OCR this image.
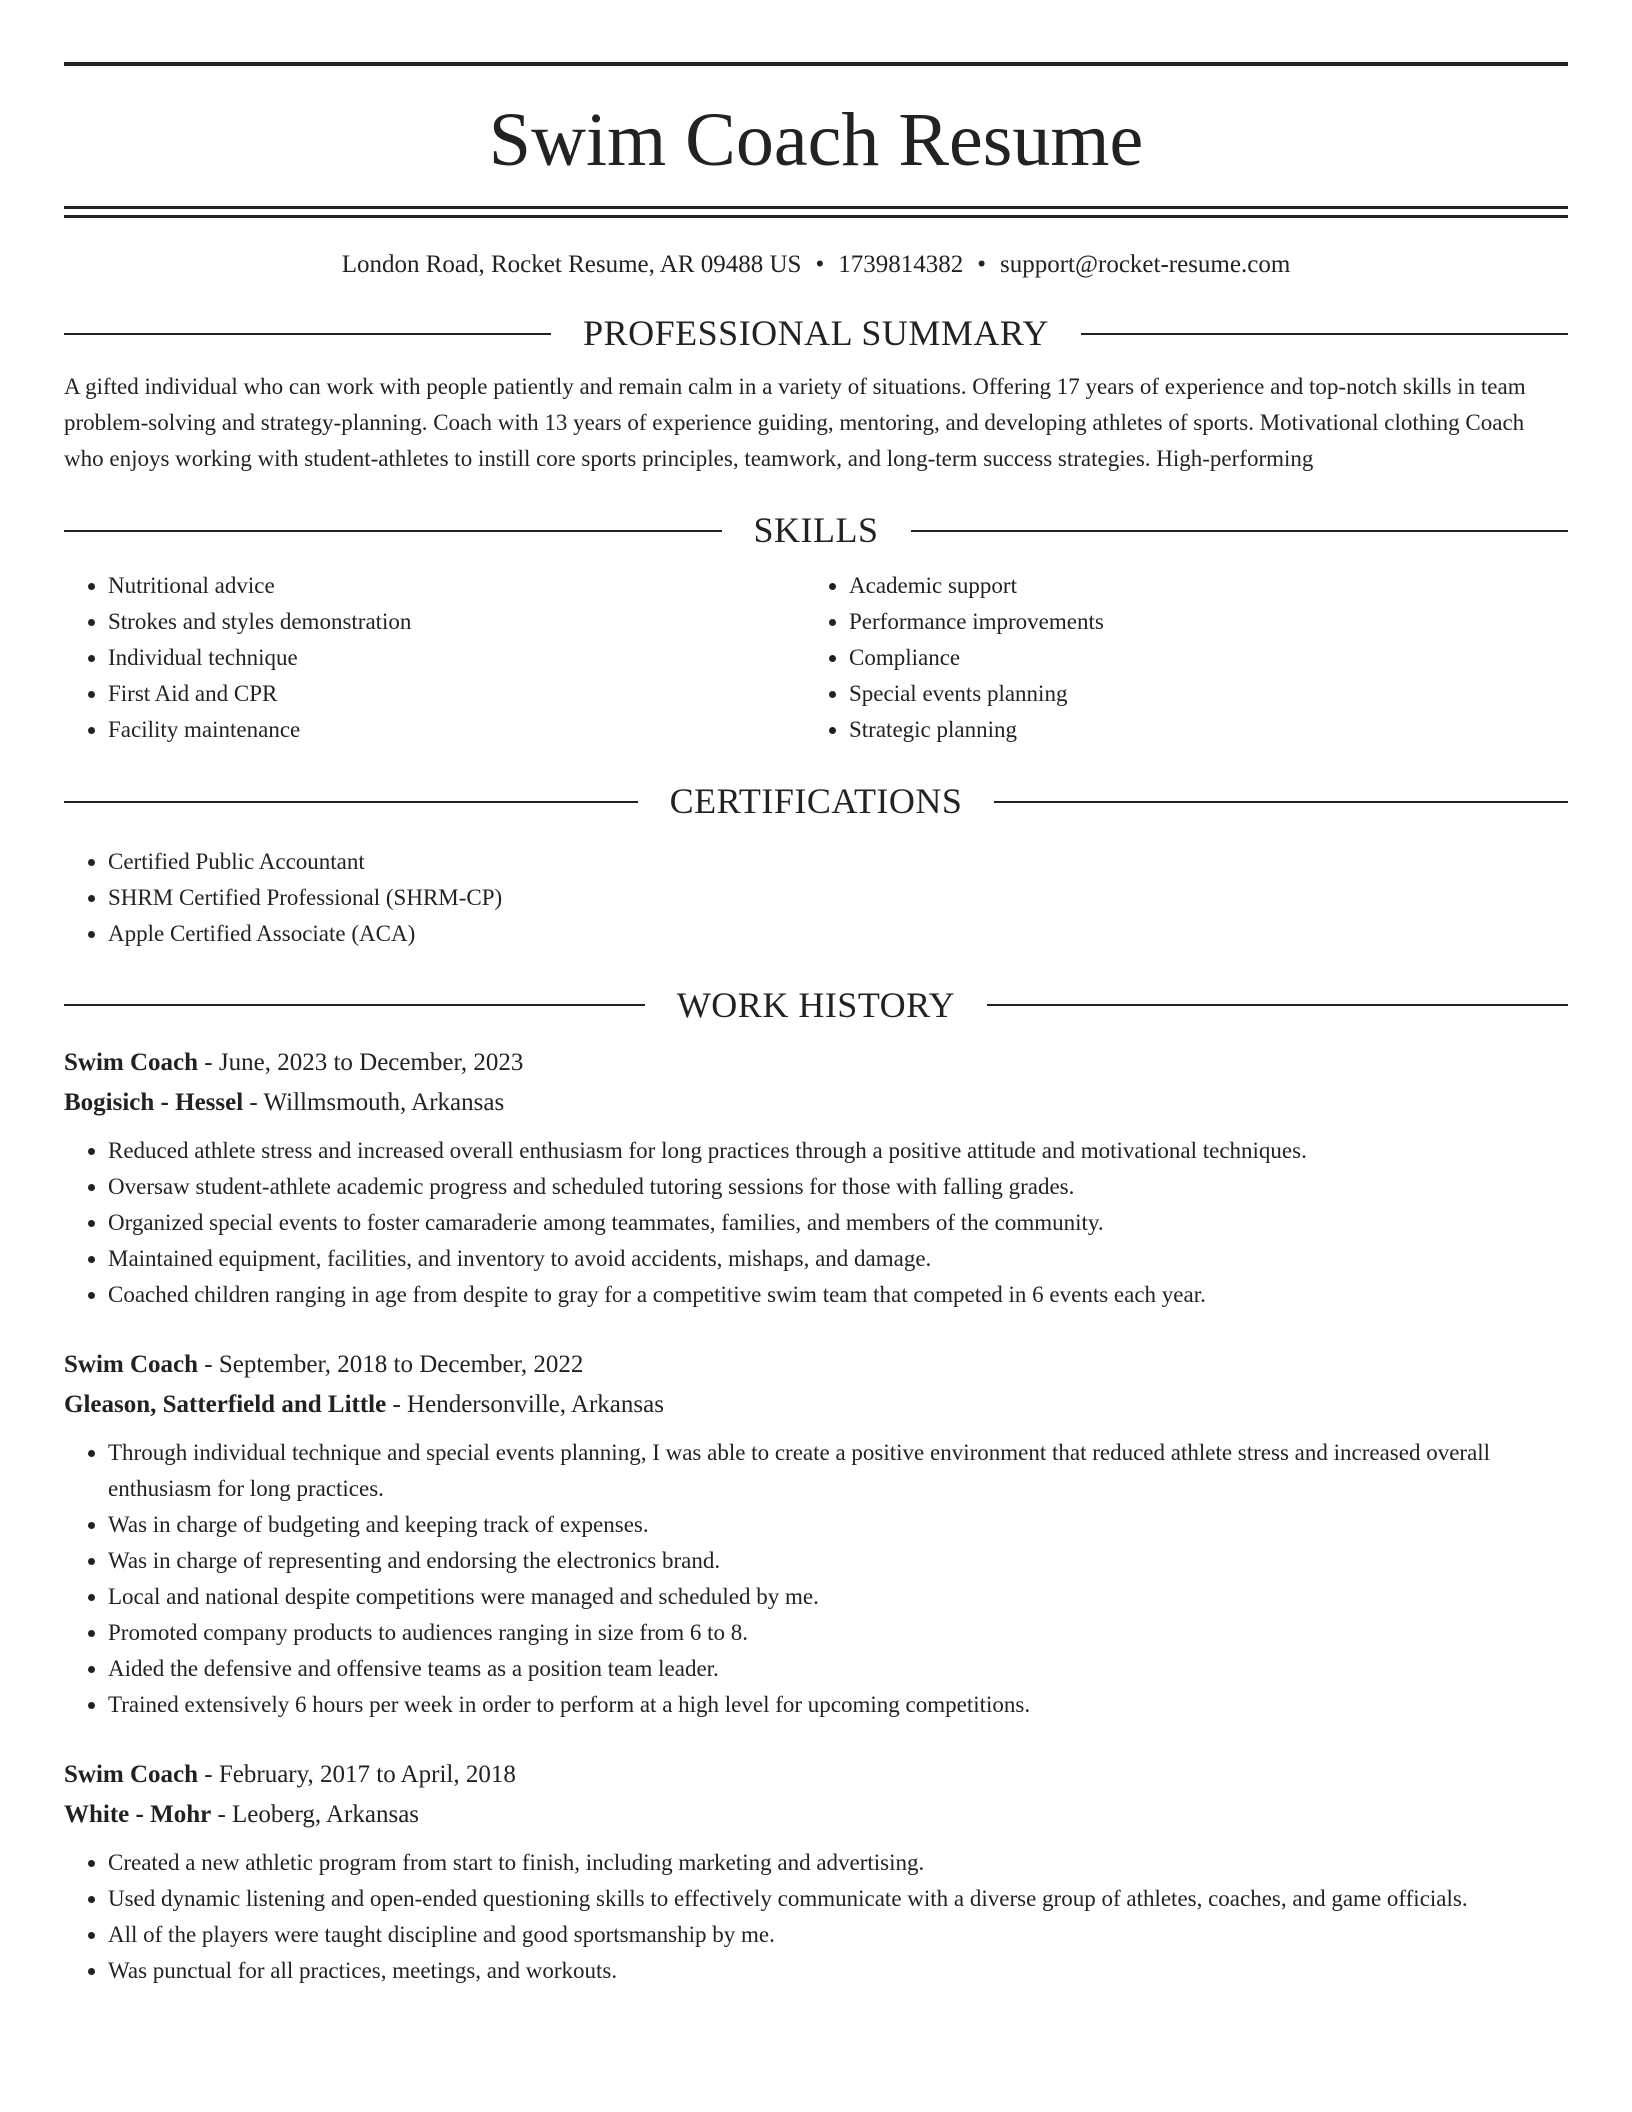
Swim Coach Resume
London Road, Rocket Resume, AR 09488 US • 1739814382 • support@rocket-resume.com
PROFESSIONAL SUMMARY
A gifted individual who can work with people patiently and remain calm in a variety of situations. Offering 17 years of experience and top-notch skills in team problem-solving and strategy-planning. Coach with 13 years of experience guiding, mentoring, and developing athletes of sports. Motivational clothing Coach who enjoys working with student-athletes to instill core sports principles, teamwork, and long-term success strategies. High-performing
SKILLS
• Nutritional advice
• Strokes and styles demonstration
• Individual technique
• First Aid and CPR
• Facility maintenance
• Academic support
• Performance improvements
• Compliance
• Special events planning
• Strategic planning
CERTIFICATIONS
• Certified Public Accountant
• SHRM Certified Professional (SHRM-CP)
• Apple Certified Associate (ACA)
WORK HISTORY
Swim Coach - June, 2023 to December, 2023
Bogisich - Hessel - Willmsmouth, Arkansas
• Reduced athlete stress and increased overall enthusiasm for long practices through a positive attitude and motivational techniques.
• Oversaw student-athlete academic progress and scheduled tutoring sessions for those with falling grades.
• Organized special events to foster camaraderie among teammates, families, and members of the community.
• Maintained equipment, facilities, and inventory to avoid accidents, mishaps, and damage.
• Coached children ranging in age from despite to gray for a competitive swim team that competed in 6 events each year.
Swim Coach - September, 2018 to December, 2022
Gleason, Satterfield and Little - Hendersonville, Arkansas
• Through individual technique and special events planning, I was able to create a positive environment that reduced athlete stress and increased overall enthusiasm for long practices.
• Was in charge of budgeting and keeping track of expenses.
• Was in charge of representing and endorsing the electronics brand.
• Local and national despite competitions were managed and scheduled by me.
• Promoted company products to audiences ranging in size from 6 to 8.
• Aided the defensive and offensive teams as a position team leader.
• Trained extensively 6 hours per week in order to perform at a high level for upcoming competitions.
Swim Coach - February, 2017 to April, 2018
White - Mohr - Leoberg, Arkansas
• Created a new athletic program from start to finish, including marketing and advertising.
• Used dynamic listening and open-ended questioning skills to effectively communicate with a diverse group of athletes, coaches, and game officials.
• All of the players were taught discipline and good sportsmanship by me.
• Was punctual for all practices, meetings, and workouts.
